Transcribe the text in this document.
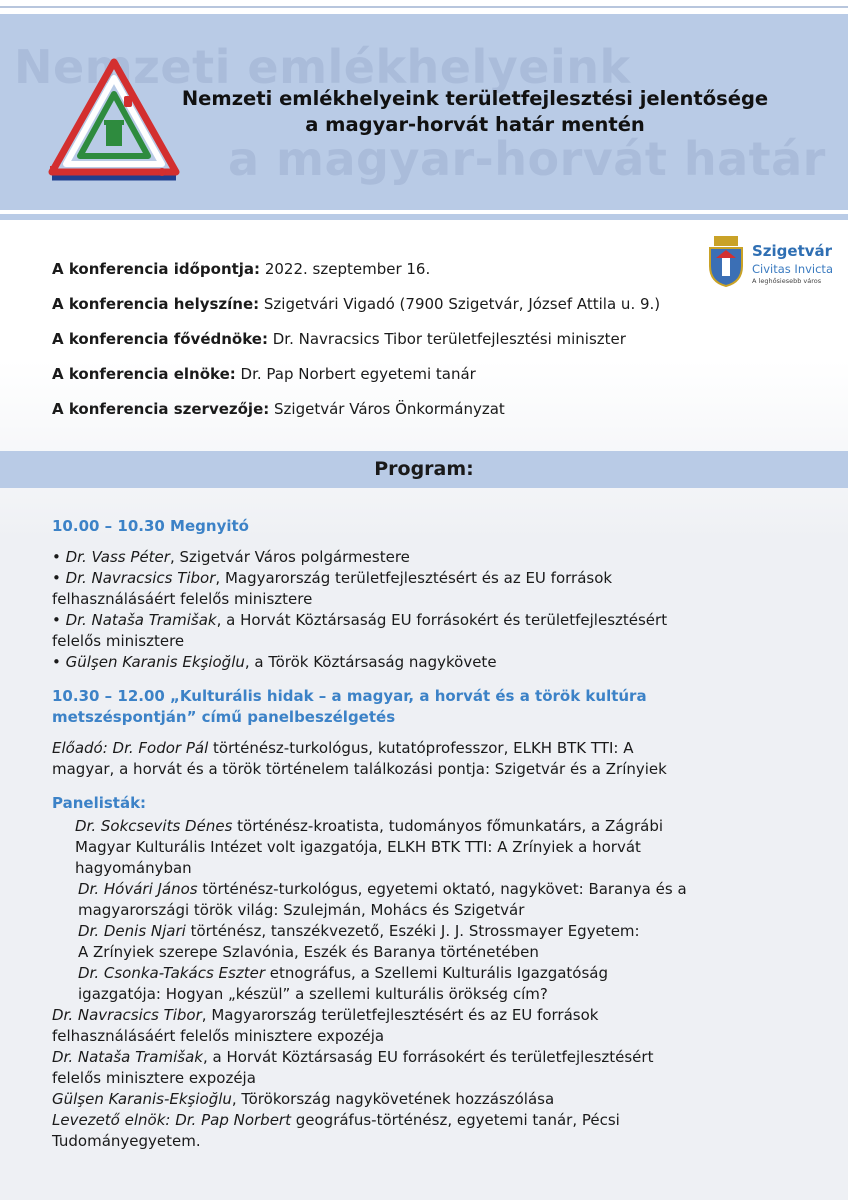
Nemzeti emlékhelyeink
a magyar-horvát határ
Nemzeti emlékhelyeink területfejlesztési jelentősége
a magyar-horvát határ mentén
Szigetvár
Civitas Invicta
A leghősiesebb város
A konferencia időpontja: 2022. szeptember 16.
A konferencia helyszíne: Szigetvári Vigadó (7900 Szigetvár, József Attila u. 9.)
A konferencia fővédnöke: Dr. Navracsics Tibor területfejlesztési miniszter
A konferencia elnöke: Dr. Pap Norbert egyetemi tanár
A konferencia szervezője: Szigetvár Város Önkormányzat
Program:
10.00 – 10.30 Megnyitó
• Dr. Vass Péter, Szigetvár Város polgármestere
• Dr. Navracsics Tibor, Magyarország területfejlesztésért és az EU források
felhasználásáért felelős minisztere
• Dr. Nataša Tramišak, a Horvát Köztársaság EU forrásokért és területfejlesztésért
felelős minisztere
• Gülşen Karanis Ekşioğlu, a Török Köztársaság nagykövete
10.30 – 12.00 „Kulturális hidak – a magyar, a horvát és a török kultúra
metszéspontján” című panelbeszélgetés
Előadó: Dr. Fodor Pál történész-turkológus, kutatóprofesszor, ELKH BTK TTI: A
magyar, a horvát és a török történelem találkozási pontja: Szigetvár és a Zrínyiek
Panelisták:
Dr. Sokcsevits Dénes történész-kroatista, tudományos főmunkatárs, a Zágrábi
Magyar Kulturális Intézet volt igazgatója, ELKH BTK TTI: A Zrínyiek a horvát
hagyományban
Dr. Hóvári János történész-turkológus, egyetemi oktató, nagykövet: Baranya és a
magyarországi török világ: Szulejmán, Mohács és Szigetvár
Dr. Denis Njari történész, tanszékvezető, Eszéki J. J. Strossmayer Egyetem:
A Zrínyiek szerepe Szlavónia, Eszék és Baranya történetében
Dr. Csonka-Takács Eszter etnográfus, a Szellemi Kulturális Igazgatóság
igazgatója: Hogyan „készül” a szellemi kulturális örökség cím?
Dr. Navracsics Tibor, Magyarország területfejlesztésért és az EU források
felhasználásáért felelős minisztere expozéja
Dr. Nataša Tramišak, a Horvát Köztársaság EU forrásokért és területfejlesztésért
felelős minisztere expozéja
Gülşen Karanis-Ekşioğlu, Törökország nagykövetének hozzászólása
Levezető elnök: Dr. Pap Norbert geográfus-történész, egyetemi tanár, Pécsi
Tudományegyetem.
